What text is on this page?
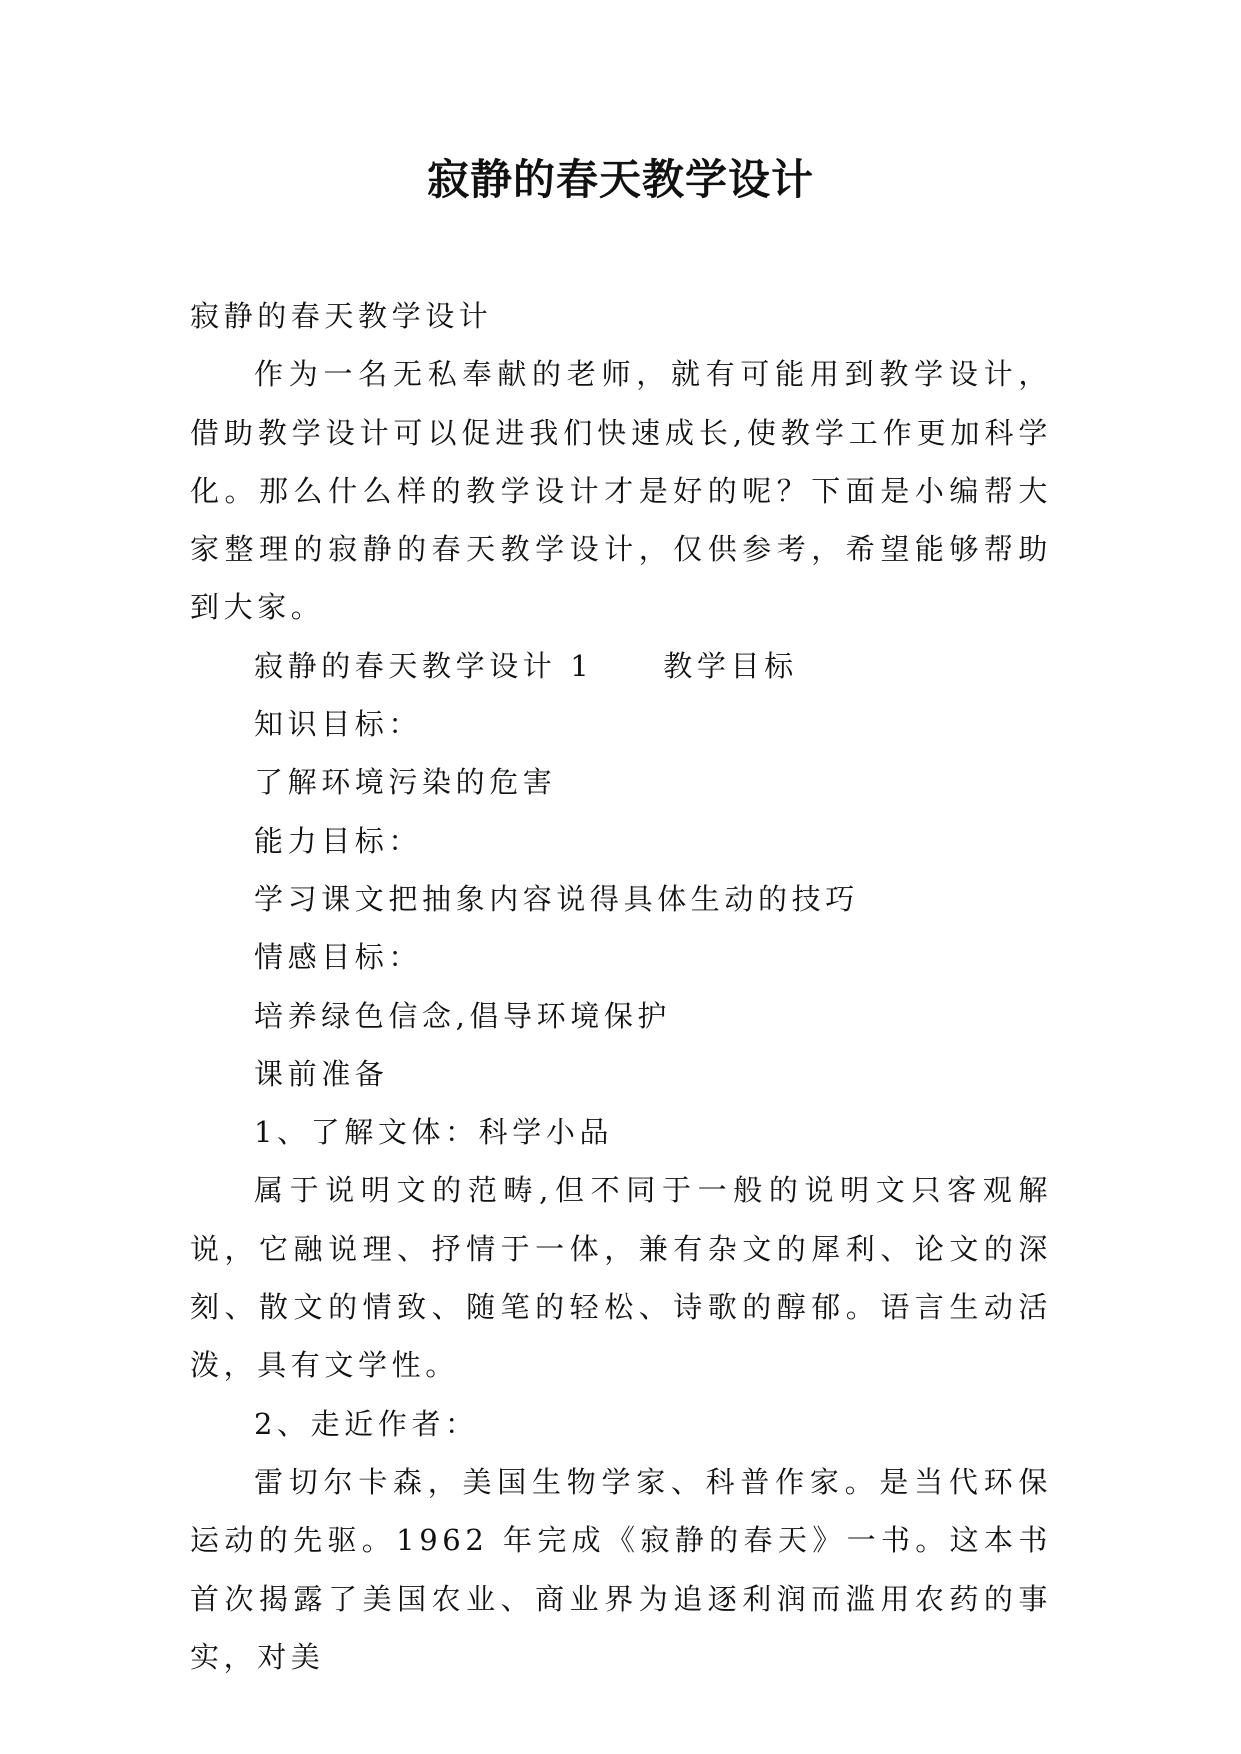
寂静的春天教学设计

寂静的春天教学设计

作为一名无私奉献的老师，就有可能用到教学设计，借助教学设计可以促进我们快速成长,使教学工作更加科学化。那么什么样的教学设计才是好的呢？下面是小编帮大家整理的寂静的春天教学设计，仅供参考，希望能够帮助到大家。

寂静的春天教学设计 1 教学目标

知识目标：

了解环境污染的危害

能力目标：

学习课文把抽象内容说得具体生动的技巧

情感目标：

培养绿色信念,倡导环境保护

课前准备

1、了解文体：科学小品

属于说明文的范畴,但不同于一般的说明文只客观解说，它融说理、抒情于一体，兼有杂文的犀利、论文的深刻、散文的情致、随笔的轻松、诗歌的醇郁。语言生动活泼，具有文学性。

2、走近作者：

雷切尔卡森，美国生物学家、科普作家。是当代环保运动的先驱。1962 年完成《寂静的春天》一书。这本书首次揭露了美国农业、商业界为追逐利润而滥用农药的事实，对美
